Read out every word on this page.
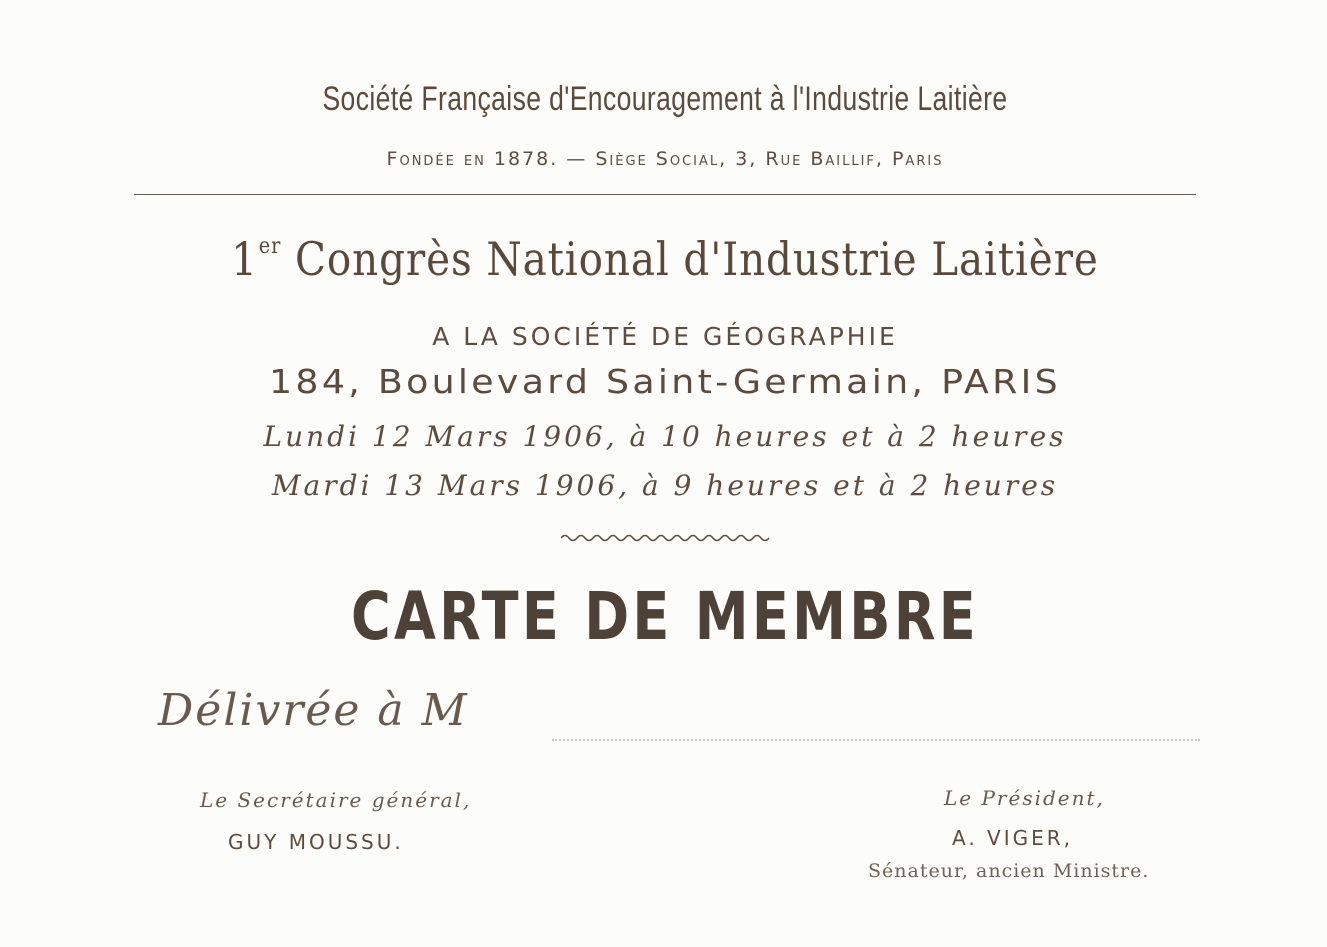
Société Française d'Encouragement à l'Industrie Laitière
Fondée en 1878. — Siège Social, 3, Rue Baillif, Paris
1er Congrès National d'Industrie Laitière
A LA SOCIÉTÉ DE GÉOGRAPHIE
184, Boulevard Saint-Germain, PARIS
Lundi 12 Mars 1906, à 10 heures et à 2 heures
Mardi 13 Mars 1906, à 9 heures et à 2 heures
CARTE DE MEMBRE
Délivrée à M
Le Secrétaire général,
GUY MOUSSU.
Le Président,
A. VIGER,
Sénateur, ancien Ministre.
